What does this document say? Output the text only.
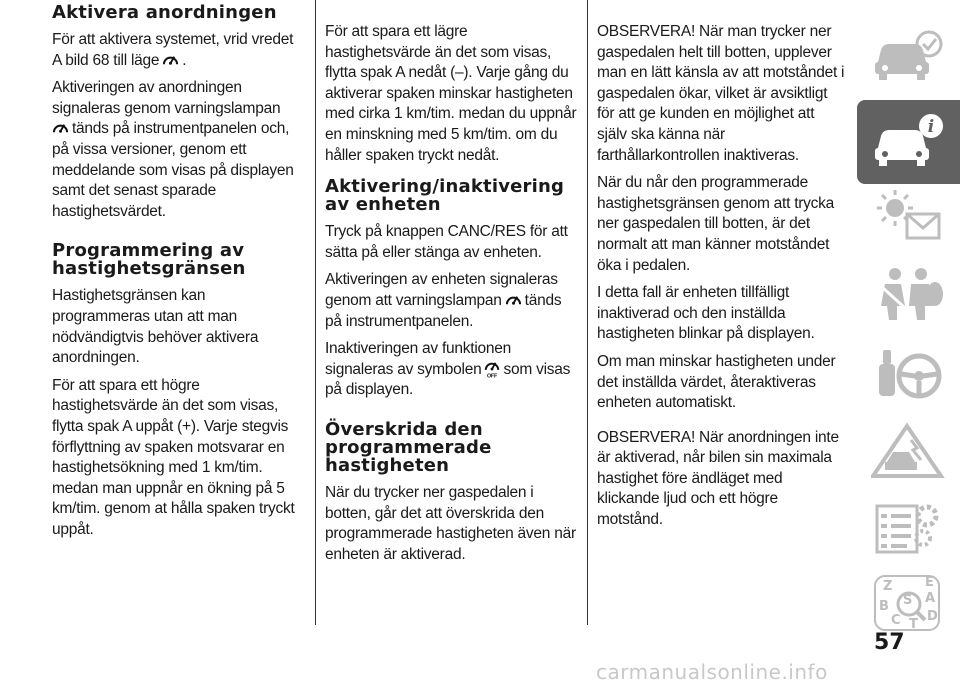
Aktivera anordningen

För att aktivera systemet, vrid vredet A bild 68 till läge .

Aktiveringen av anordningen signaleras genom varningslampan
tänds på instrumentpanelen och, på vissa versioner, genom ett meddelande som visas på displayen samt det senast sparade hastighetsvärdet.

Programmering av hastighetsgränsen

Hastighetsgränsen kan programmeras utan att man nödvändigtvis behöver aktivera anordningen.

För att spara ett högre hastighetsvärde än det som visas, flytta spak A uppåt (+). Varje stegvis förflyttning av spaken motsvarar en hastighetsökning med 1 km/tim. medan man uppnår en ökning på 5 km/tim. genom at hålla spaken tryckt uppåt.

För att spara ett lägre hastighetsvärde än det som visas, flytta spak A nedåt (–). Varje gång du aktiverar spaken minskar hastigheten med cirka 1 km/tim. medan du uppnår en minskning med 5 km/tim. om du håller spaken tryckt nedåt.

Aktivering/inaktivering av enheten

Tryck på knappen CANC/RES för att sätta på eller stänga av enheten.

Aktiveringen av enheten signaleras genom att varningslampan tänds på instrumentpanelen.

Inaktiveringen av funktionen signaleras av symbolen OFF som visas på displayen.

Överskrida den programmerade hastigheten

När du trycker ner gaspedalen i botten, går det att överskrida den programmerade hastigheten även när enheten är aktiverad.

OBSERVERA! När man trycker ner gaspedalen helt till botten, upplever man en lätt känsla av att motståndet i gaspedalen ökar, vilket är avsiktligt för att ge kunden en möjlighet att själv ska känna när farthållarkontrollen inaktiveras.

När du når den programmerade hastighetsgränsen genom att trycka ner gaspedalen till botten, är det normalt att man känner motståndet öka i pedalen.

I detta fall är enheten tillfälligt inaktiverad och den inställda hastigheten blinkar på displayen.

Om man minskar hastigheten under det inställda värdet, återaktiveras enheten automatiskt.

OBSERVERA! När anordningen inte är aktiverad, når bilen sin maximala hastighet före ändläget med klickande ljud och ett högre motstånd.

i
Z	E
S A
B
C D
T
57
carmanualsonline.info
